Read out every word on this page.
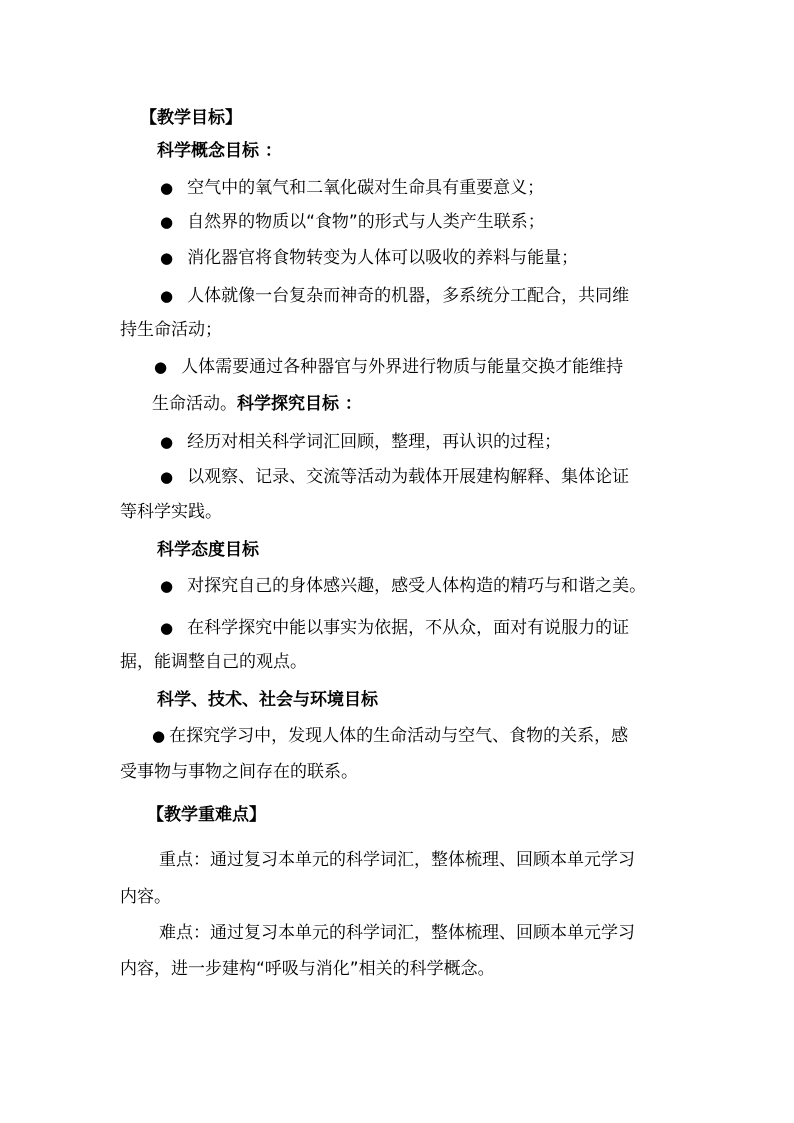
【教学目标】
科学概念目标 ：
● 空气中的氧气和二氧化碳对生命具有重要意义；
● 自然界的物质以“食物”的形式与人类产生联系；
● 消化器官将食物转变为人体可以吸收的养料与能量；
● 人体就像一台复杂而神奇的机器，多系统分工配合，共同维
持生命活动；
● 人体需要通过各种器官与外界进行物质与能量交换才能维持
生命活动。科学探究目标 ：
● 经历对相关科学词汇回顾，整理，再认识的过程；
● 以观察、记录、交流等活动为载体开展建构解释、集体论证
等科学实践。
科学态度目标
● 对探究自己的身体感兴趣，感受人体构造的精巧与和谐之美。
● 在科学探究中能以事实为依据，不从众，面对有说服力的证
据，能调整自己的观点。
科学、技术、社会与环境目标
● 在探究学习中，发现人体的生命活动与空气、食物的关系，感
受事物与事物之间存在的联系。
【教学重难点】
重点：通过复习本单元的科学词汇，整体梳理、回顾本单元学习
内容。
难点：通过复习本单元的科学词汇，整体梳理、回顾本单元学习
内容，进一步建构“呼吸与消化”相关的科学概念。
